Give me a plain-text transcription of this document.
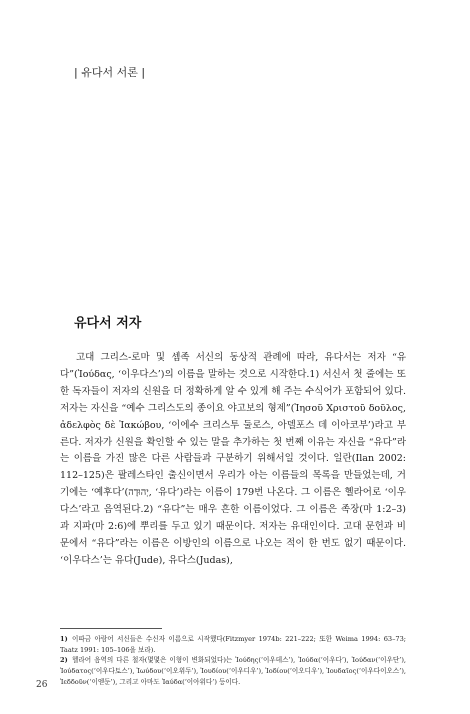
| 유다서 서론 |
유다서 저자
고대 그리스-로마 및 셈족 서신의 동상적 관례에 따라, 유다서는 저자 “유다”(Ἰούδας, ‘이우다스’)의 이름을 말하는 것으로 시작한다.1) 서신서 첫 줄에는 또한 독자들이 저자의 신원을 더 정확하게 알 수 있게 해 주는 수식어가 포함되어 있다. 저자는 자신을 “예수 그리스도의 종이요 야고보의 형제”(Ἰησοῦ Χριστοῦ δοῦλος, ἀδελφὸς δὲ Ἰακώβου, ‘이에수 크리스투 둘로스, 아델포스 데 이아코부’)라고 부른다. 저자가 신원을 확인할 수 있는 말을 추가하는 첫 번째 이유는 자신을 “유다”라는 이름을 가진 많은 다른 사람들과 구분하기 위해서일 것이다. 일란(Ilan 2002: 112–125)은 팔레스타인 출신이면서 우리가 아는 이름들의 목록을 만들었는데, 거기에는 ‘예후다’(יְהוּדָה, ‘유다’)라는 이름이 179번 나온다. 그 이름은 헬라어로 ‘이우다스’라고 음역된다.2) “유다”는 매우 흔한 이름이었다. 그 이름은 족장(마 1:2–3)과 지파(마 2:6)에 뿌리를 두고 있기 때문이다. 저자는 유대인이다. 고대 문헌과 비문에서 “유다”라는 이름은 이방인의 이름으로 나오는 적이 한 번도 없기 때문이다. ‘이우다스’는 유다(Jude), 유다스(Judas),
1) 이따금 아람어 서신들은 수신자 이름으로 시작했다(Fitzmyer 1974b: 221–222; 또한 Weima 1994: 63–73; Taatz 1991: 105–106을 보라).
2) 헬라어 음역의 다른 철자(몇몇은 이형이 변화되었다)는 Ἰούδης(‘이우데스’), Ἰούδα(‘이우다’), Ἰούδαν(‘이우단’), Ἰούδατος(‘이우다토스’), Ἰωύδου(‘이오위두’), Ἰουδίου(‘이우디우’), Ἰοδίου(‘이오디우’), Ἰουδαῖος(‘이우다이오스’), Ἰεδδοῦν(‘이엗둔’), 그리고 아마도 Ἰαύδα(‘이아위다’) 등이다.
26
